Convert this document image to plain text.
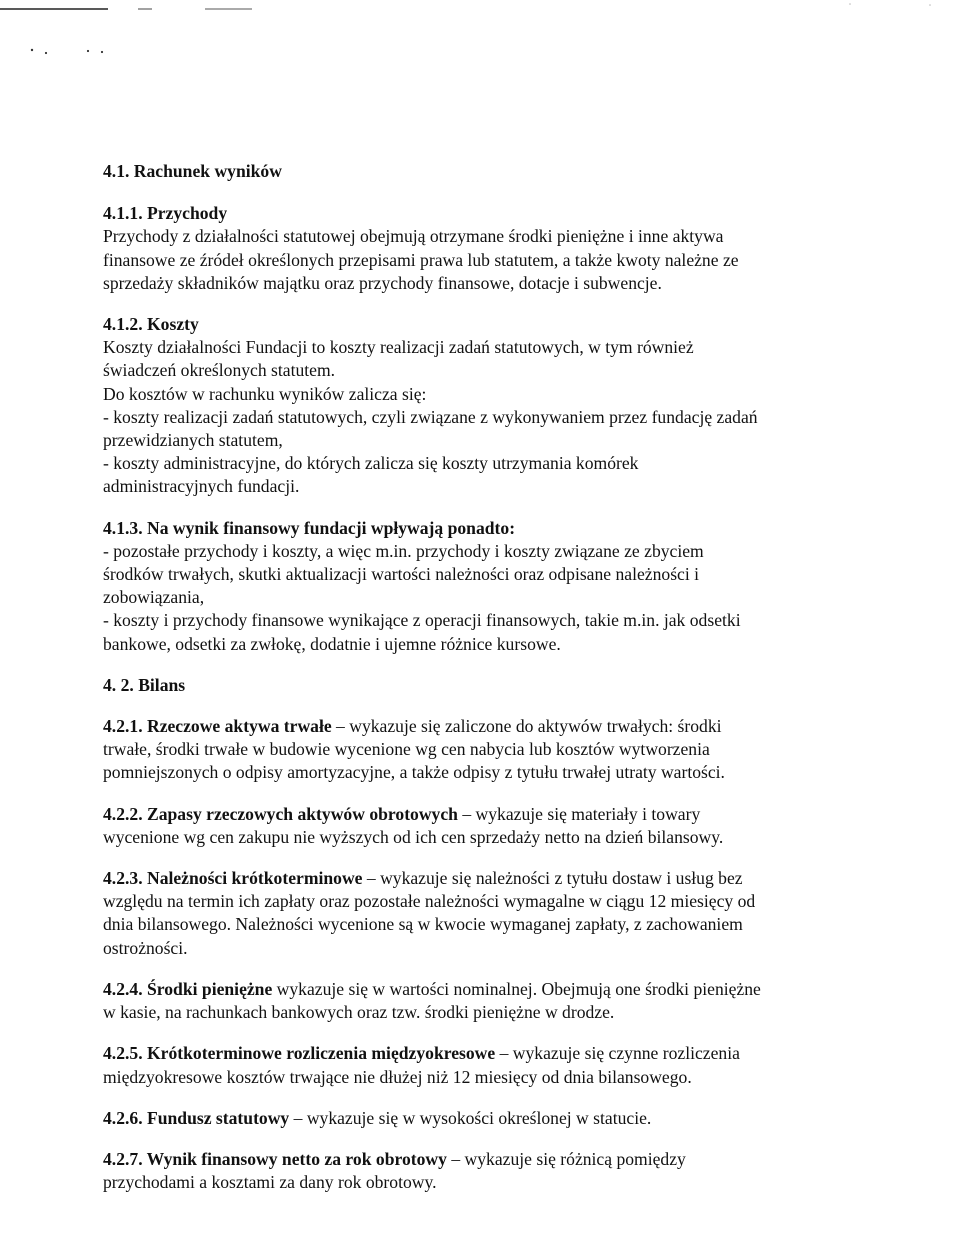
4.1. Rachunek wyników

4.1.1. Przychody

Przychody z działalności statutowej obejmują otrzymane środki pieniężne i inne aktywa
finansowe ze źródeł określonych przepisami prawa lub statutem, a także kwoty należne ze
sprzedaży składników majątku oraz przychody finansowe, dotacje i subwencje.

4.1.2. Koszty

Koszty działalności Fundacji to koszty realizacji zadań statutowych, w tym również
świadczeń określonych statutem.
Do kosztów w rachunku wyników zalicza się:
- koszty realizacji zadań statutowych, czyli związane z wykonywaniem przez fundację zadań
przewidzianych statutem,
- koszty administracyjne, do których zalicza się koszty utrzymania komórek
administracyjnych fundacji.

4.1.3. Na wynik finansowy fundacji wpływają ponadto:

- pozostałe przychody i koszty, a więc m.in. przychody i koszty związane ze zbyciem
środków trwałych, skutki aktualizacji wartości należności oraz odpisane należności i
zobowiązania,
- koszty i przychody finansowe wynikające z operacji finansowych, takie m.in. jak odsetki
bankowe, odsetki za zwłokę, dodatnie i ujemne różnice kursowe.

4. 2. Bilans

4.2.1. Rzeczowe aktywa trwałe – wykazuje się zaliczone do aktywów trwałych: środki
trwałe, środki trwałe w budowie wycenione wg cen nabycia lub kosztów wytworzenia
pomniejszonych o odpisy amortyzacyjne, a także odpisy z tytułu trwałej utraty wartości.

4.2.2. Zapasy rzeczowych aktywów obrotowych – wykazuje się materiały i towary
wycenione wg cen zakupu nie wyższych od ich cen sprzedaży netto na dzień bilansowy.

4.2.3. Należności krótkoterminowe – wykazuje się należności z tytułu dostaw i usług bez
względu na termin ich zapłaty oraz pozostałe należności wymagalne w ciągu 12 miesięcy od
dnia bilansowego. Należności wycenione są w kwocie wymaganej zapłaty, z zachowaniem
ostrożności.

4.2.4. Środki pieniężne wykazuje się w wartości nominalnej. Obejmują one środki pieniężne
w kasie, na rachunkach bankowych oraz tzw. środki pieniężne w drodze.

4.2.5. Krótkoterminowe rozliczenia międzyokresowe – wykazuje się czynne rozliczenia
międzyokresowe kosztów trwające nie dłużej niż 12 miesięcy od dnia bilansowego.

4.2.6. Fundusz statutowy – wykazuje się w wysokości określonej w statucie.

4.2.7. Wynik finansowy netto za rok obrotowy – wykazuje się różnicą pomiędzy
przychodami a kosztami za dany rok obrotowy.
